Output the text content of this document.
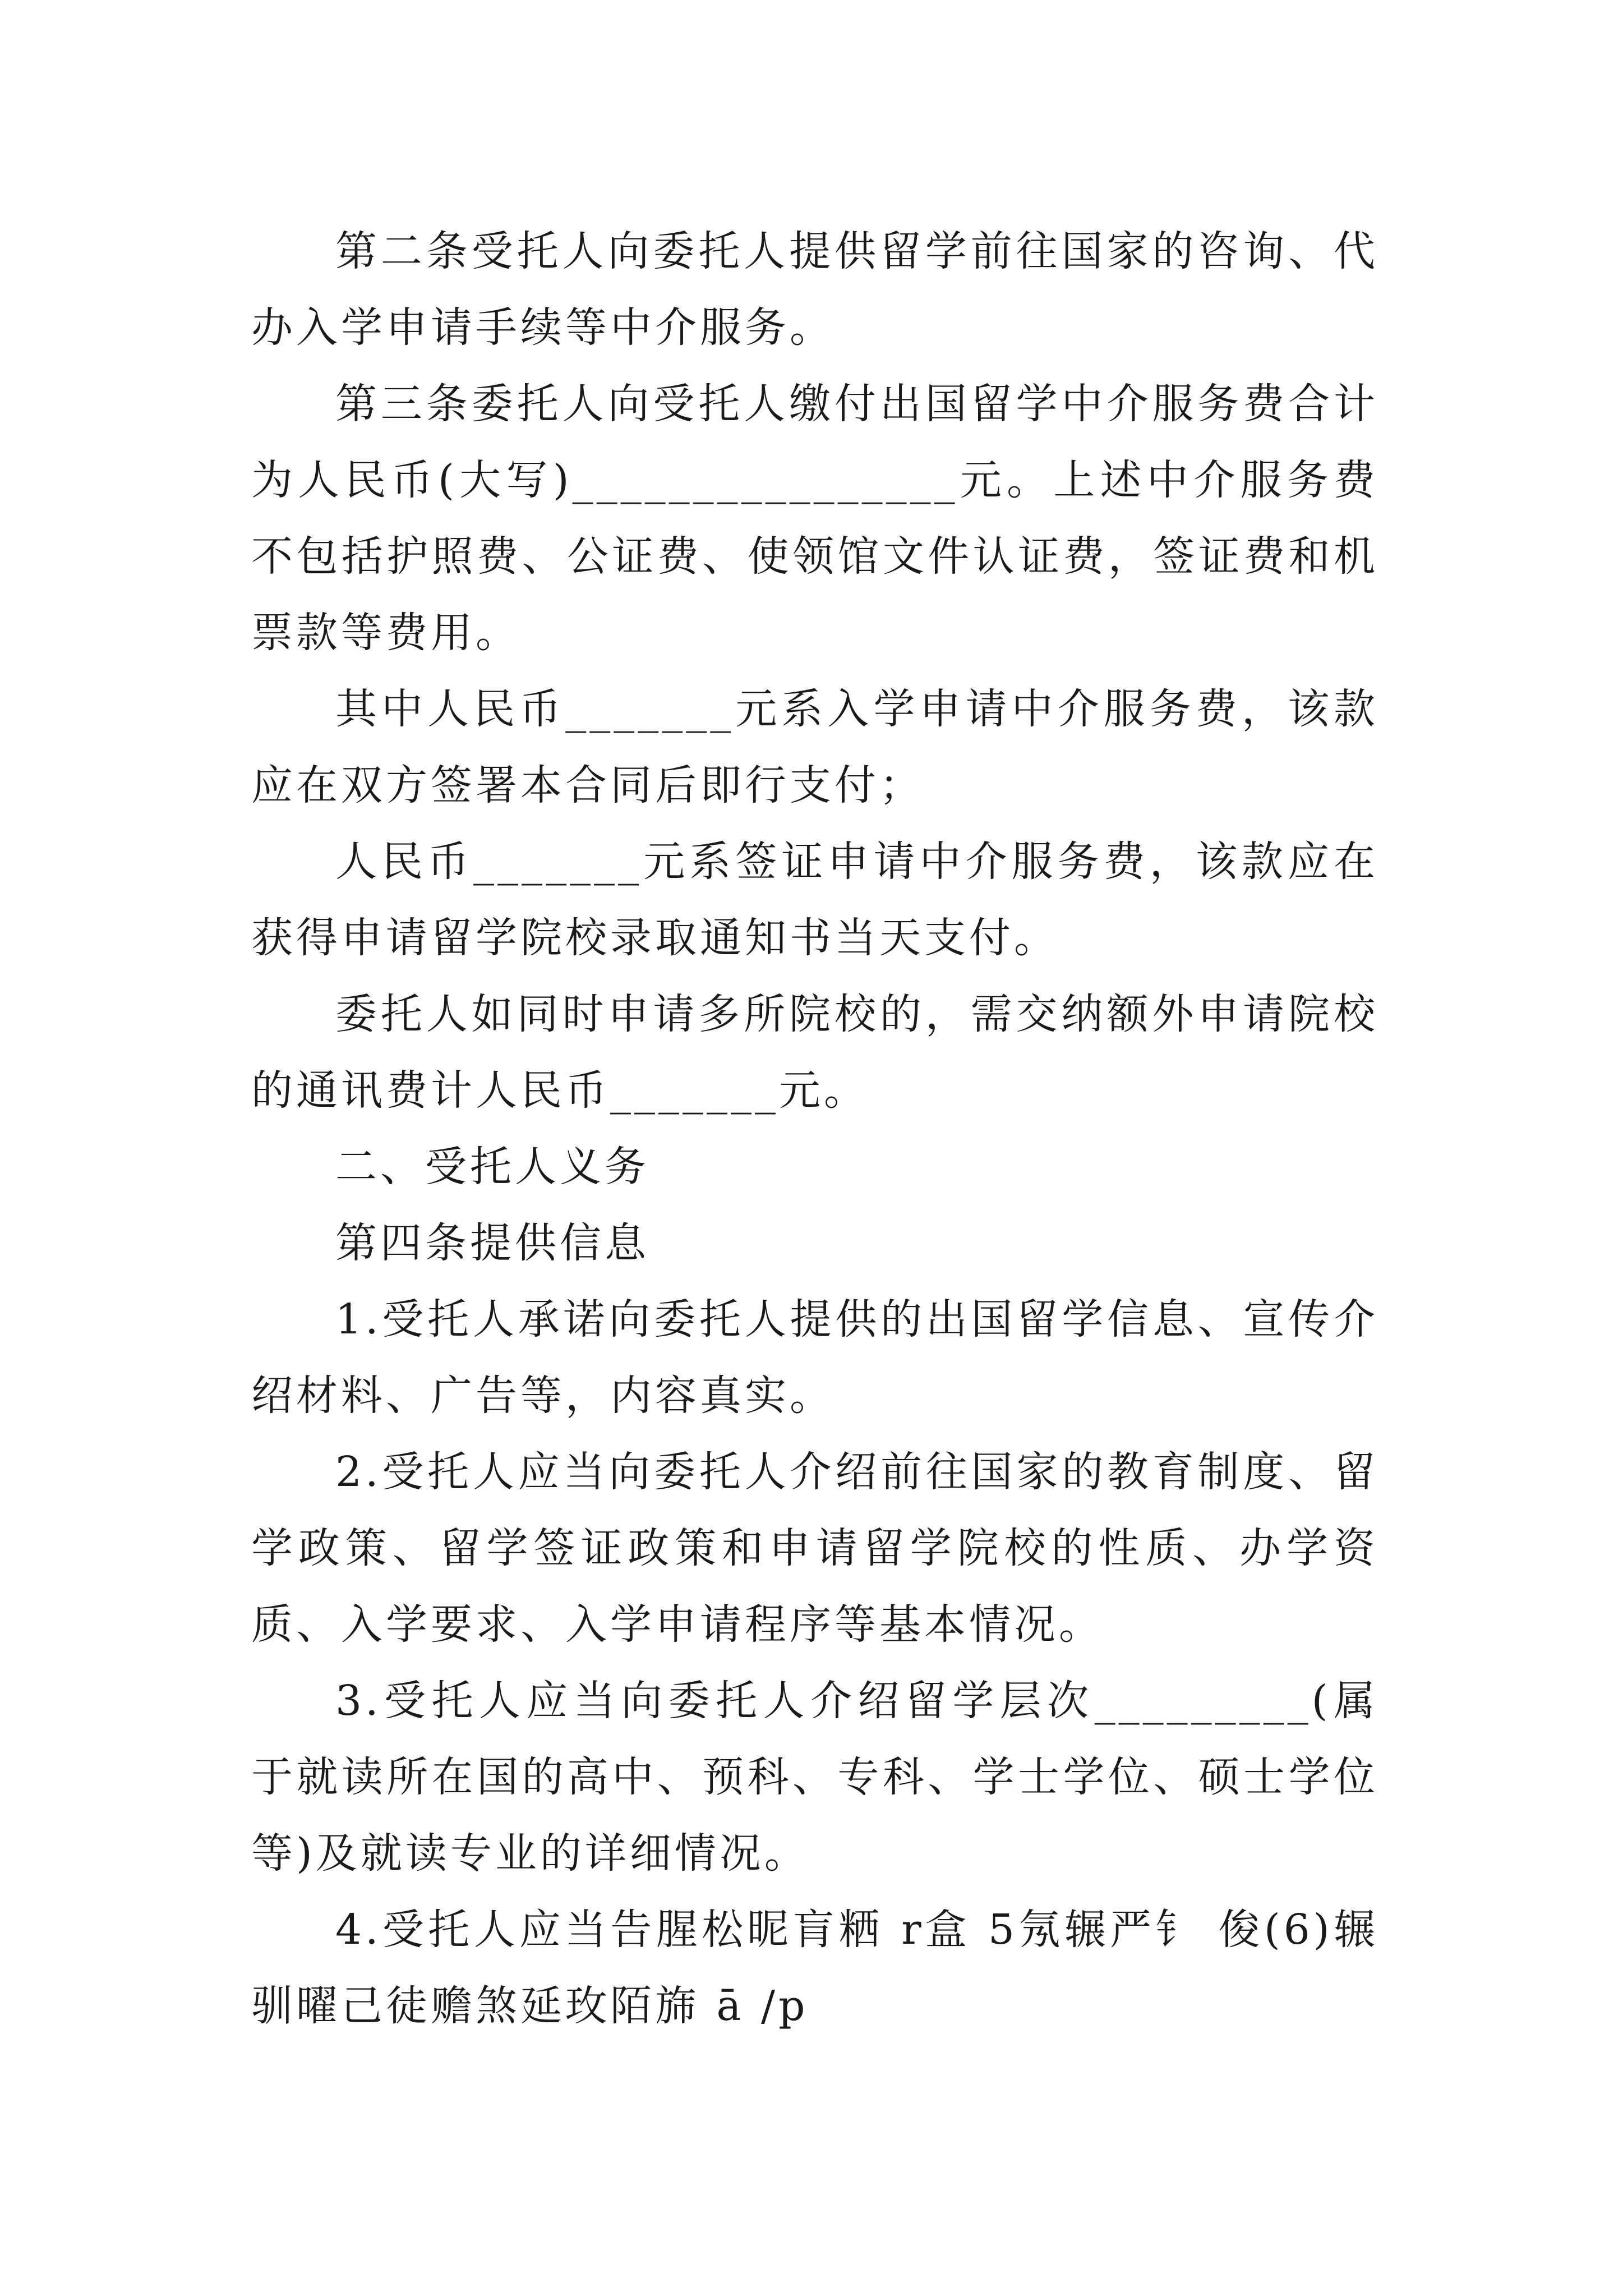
第二条受托人向委托人提供留学前往国家的咨询、代办入学申请手续等中介服务。

第三条委托人向受托人缴付出国留学中介服务费合计为人民币(大写)________________元。上述中介服务费不包括护照费、公证费、使领馆文件认证费，签证费和机票款等费用。

其中人民币_______元系入学申请中介服务费，该款应在双方签署本合同后即行支付；

人民币_______元系签证申请中介服务费，该款应在获得申请留学院校录取通知书当天支付。

委托人如同时申请多所院校的，需交纳额外申请院校的通讯费计人民币_______元。

二、受托人义务

第四条提供信息

1.受托人承诺向委托人提供的出国留学信息、宣传介绍材料、广告等，内容真实。

2.受托人应当向委托人介绍前往国家的教育制度、留学政策、留学签证政策和申请留学院校的性质、办学资质、入学要求、入学申请程序等基本情况。

3.受托人应当向委托人介绍留学层次_________(属于就读所在国的高中、预科、专科、学士学位、硕士学位等)及就读专业的详细情况。

4.受托人应当告腥松昵肓粞 r盒 5氖辗严钅 俊(6)辗驯曜己徒赡煞延玫陌旆 ā /p
